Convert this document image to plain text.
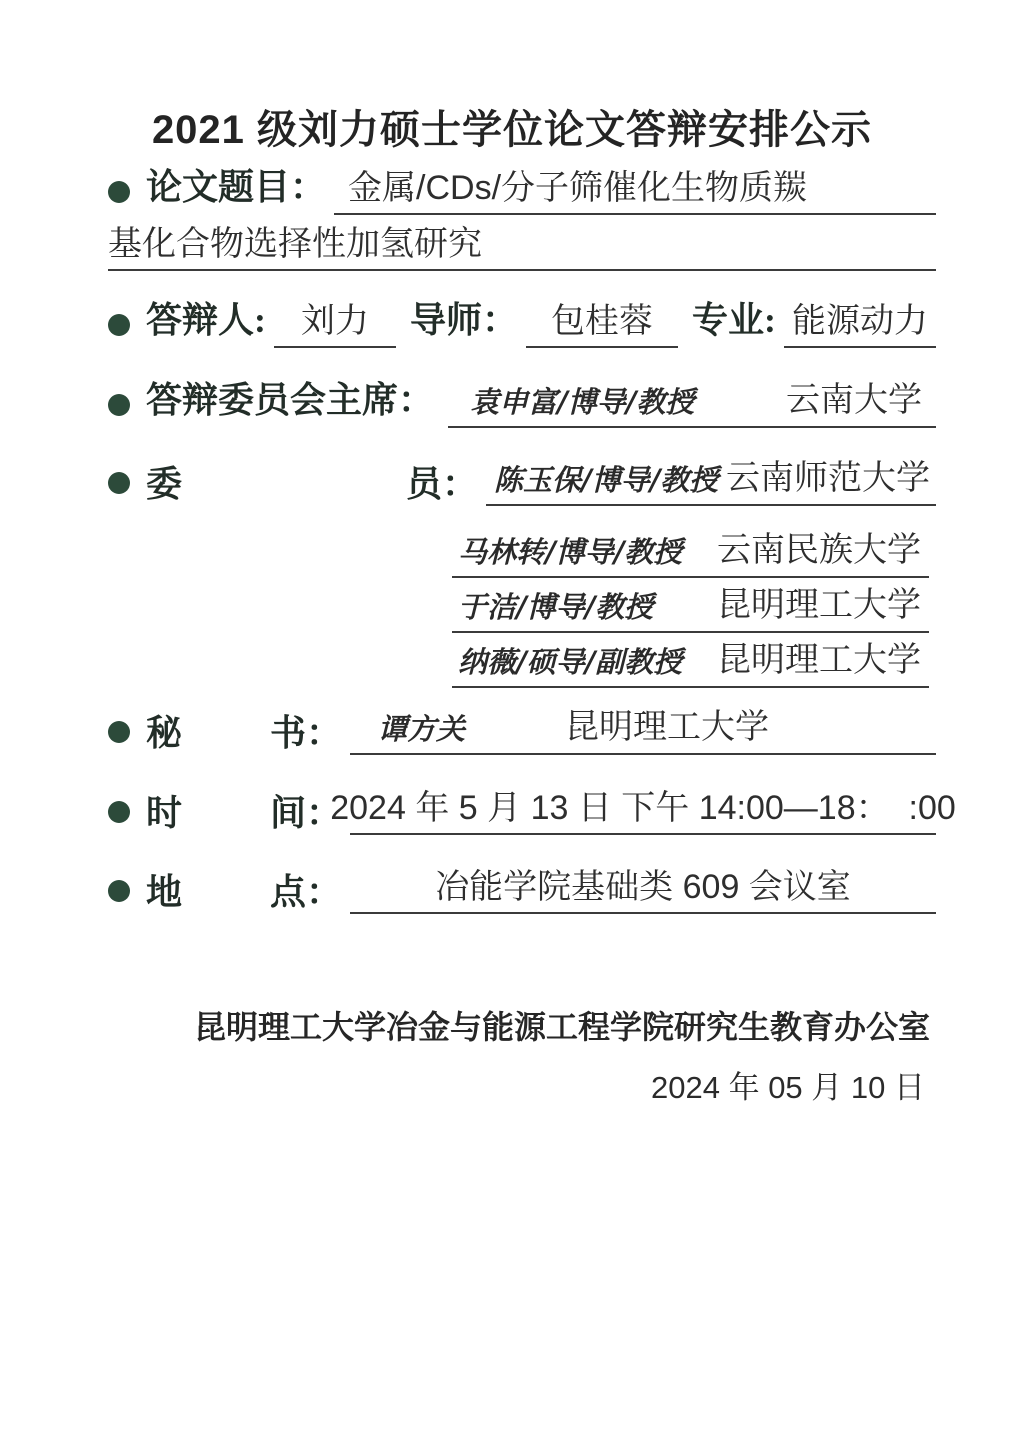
2021 级刘力硕士学位论文答辩安排公示
论文题目： 金属/CDs/分子筛催化生物质羰
基化合物选择性加氢研究
答辩人: 刘力 导师： 包桂蓉 专业: 能源动力
答辩委员会主席： 袁申富/博导/教授	云南大学
委	员： 陈玉保/博导/教授 云南师范大学
马林转/博导/教授 云南民族大学
于洁/博导/教授 昆明理工大学
纳薇/硕导/副教授 昆明理工大学
秘 书： 谭方关	昆明理工大学
时 间：
2024 年 5 月 13 日 下午 14:00—18：  :00
地 点：	冶能学院基础类 609 会议室
昆明理工大学冶金与能源工程学院研究生教育办公室
2024 年 05 月 10 日
